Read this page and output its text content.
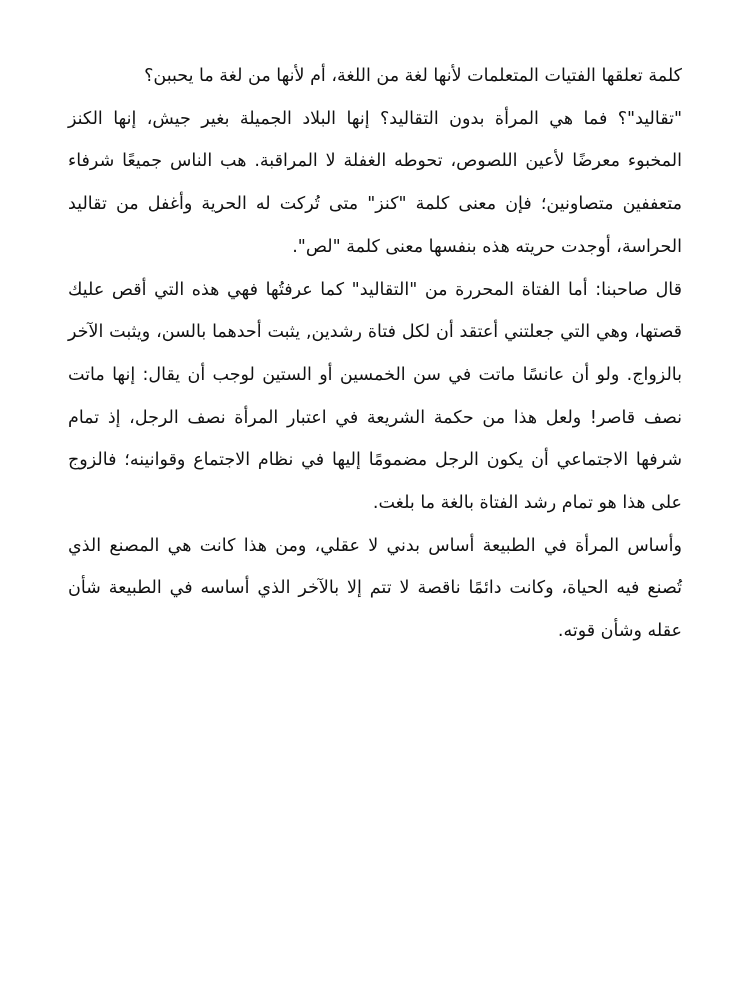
كلمة تعلقها الفتيات المتعلمات لأنها لغة من اللغة، أم لأنها من لغة ما يحببن؟

"تقاليد"؟ فما هي المرأة بدون التقاليد؟ إنها البلاد الجميلة بغير جيش، إنها الكنز المخبوء معرضًا لأعين اللصوص، تحوطه الغفلة لا المراقبة. هب الناس جميعًا شرفاء متعففين متصاونين؛ فإن معنى كلمة "كنز" متى تُركت له الحرية وأغفل من تقاليد الحراسة، أوجدت حريته هذه بنفسها معنى كلمة "لص".

قال صاحبنا: أما الفتاة المحررة من "التقاليد" كما عرفتُها فهي هذه التي أقص عليك قصتها، وهي التي جعلتني أعتقد أن لكل فتاة رشدين, يثبت أحدهما بالسن، ويثبت الآخر بالزواج. ولو أن عانسًا ماتت في سن الخمسين أو الستين لوجب أن يقال: إنها ماتت نصف قاصر! ولعل هذا من حكمة الشريعة في اعتبار المرأة نصف الرجل، إذ تمام شرفها الاجتماعي أن يكون الرجل مضمومًا إليها في نظام الاجتماع وقوانينه؛ فالزوج على هذا هو تمام رشد الفتاة بالغة ما بلغت.

وأساس المرأة في الطبيعة أساس بدني لا عقلي، ومن هذا كانت هي المصنع الذي تُصنع فيه الحياة، وكانت دائمًا ناقصة لا تتم إلا بالآخر الذي أساسه في الطبيعة شأن عقله وشأن قوته.
